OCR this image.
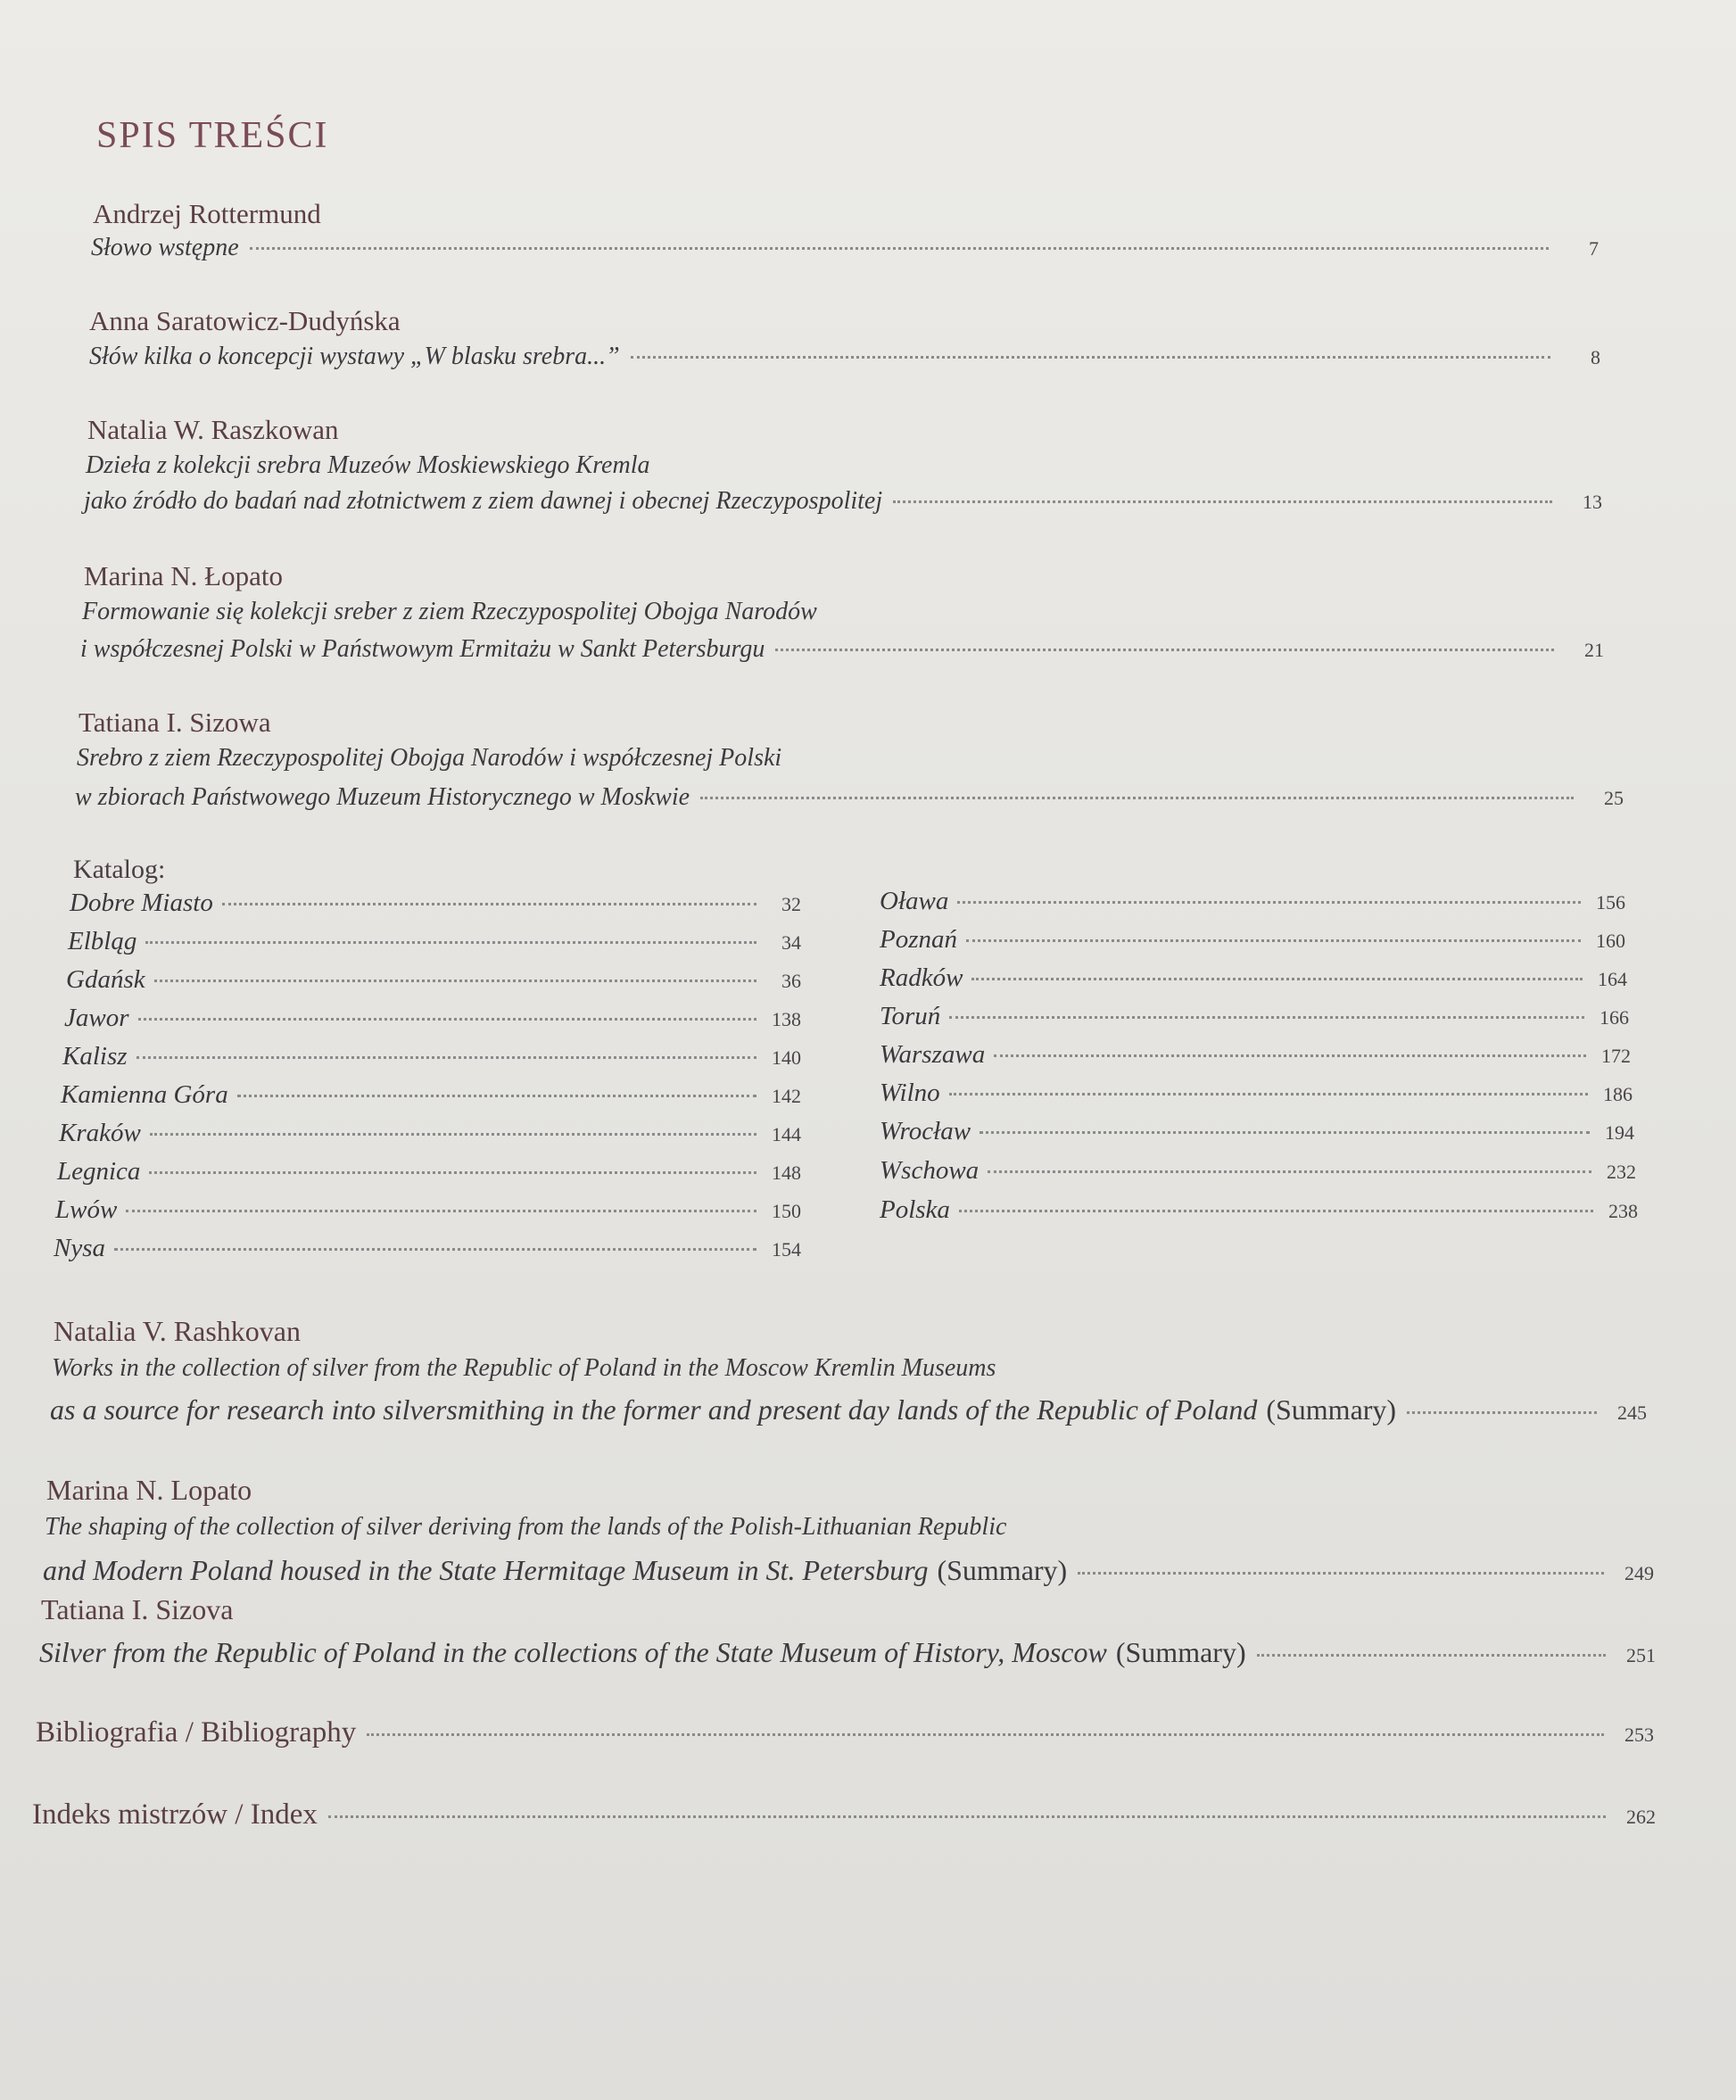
SPIS TREŚCI
Andrzej Rottermund
Słowo wstępne	7
Anna Saratowicz-Dudyńska
Słów kilka o koncepcji wystawy „W blasku srebra...”	8
Natalia W. Raszkowan
Dzieła z kolekcji srebra Muzeów Moskiewskiego Kremla
jako źródło do badań nad złotnictwem z ziem dawnej i obecnej Rzeczypospolitej	13
Marina N. Łopato
Formowanie się kolekcji sreber z ziem Rzeczypospolitej Obojga Narodów
i współczesnej Polski w Państwowym Ermitażu w Sankt Petersburgu	21
Tatiana I. Sizowa
Srebro z ziem Rzeczypospolitej Obojga Narodów i współczesnej Polski
w zbiorach Państwowego Muzeum Historycznego w Moskwie	25
Katalog:
Dobre Miasto	32
Elbląg	34
Gdańsk	36
Jawor	138
Kalisz	140
Kamienna Góra	142
Kraków	144
Legnica	148
Lwów	150
Nysa	154
Oława	156
Poznań	160
Radków	164
Toruń	166
Warszawa	172
Wilno	186
Wrocław	194
Wschowa	232
Polska	238
Natalia V. Rashkovan
Works in the collection of silver from the Republic of Poland in the Moscow Kremlin Museums
as a source for research into silversmithing in the former and present day lands of the Republic of Poland (Summary)	245
Marina N. Lopato
The shaping of the collection of silver deriving from the lands of the Polish-Lithuanian Republic
and Modern Poland housed in the State Hermitage Museum in St. Petersburg (Summary)	249
Tatiana I. Sizova
Silver from the Republic of Poland in the collections of the State Museum of History, Moscow (Summary)	251
Bibliografia / Bibliography	253
Indeks mistrzów / Index	262
